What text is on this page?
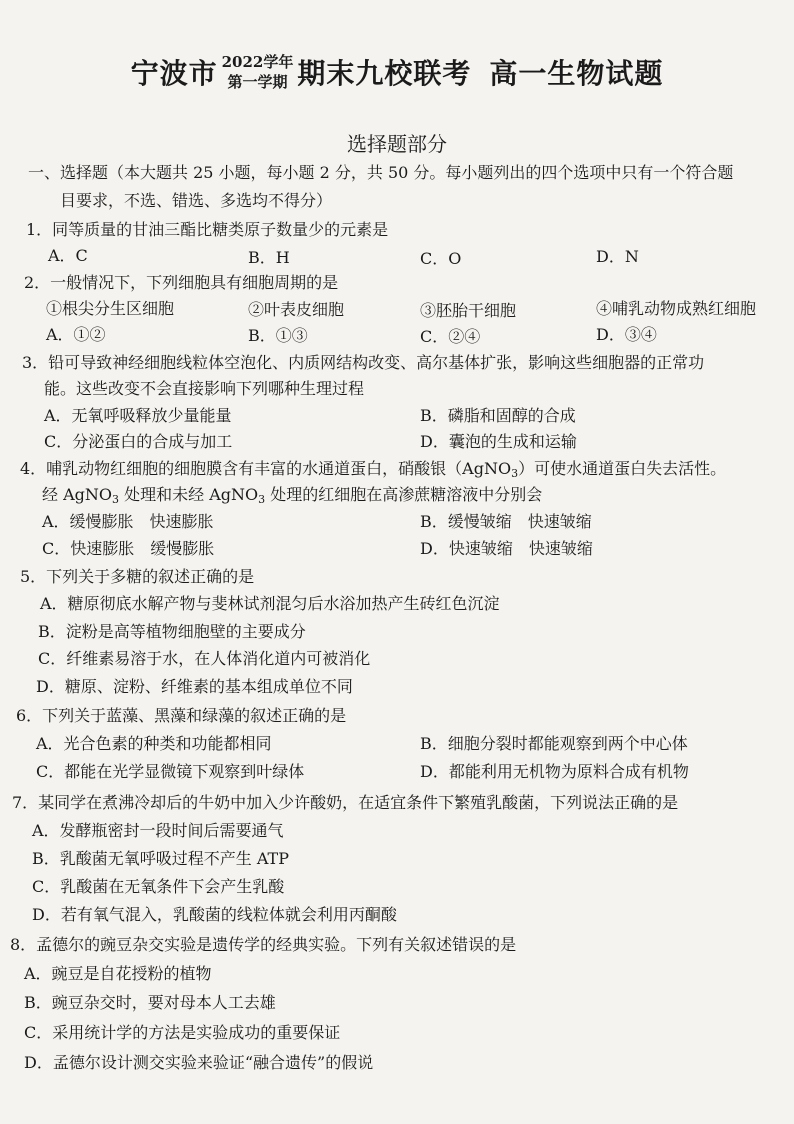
宁波市 2022学年
第一学期 期末九校联考 高一生物试题
选择题部分
一、选择题（本大题共 25 小题，每小题 2 分，共 50 分。每小题列出的四个选项中只有一个符合题
目要求，不选、错选、多选均不得分）
1．同等质量的甘油三酯比糖类原子数量少的元素是
A．C	B．H	C．O	D．N
2．一般情况下，下列细胞具有细胞周期的是
①根尖分生区细胞	②叶表皮细胞	③胚胎干细胞	④哺乳动物成熟红细胞
A．①②	B．①③	C．②④	D．③④
3．铅可导致神经细胞线粒体空泡化、内质网结构改变、高尔基体扩张，影响这些细胞器的正常功
能。这些改变不会直接影响下列哪种生理过程
A．无氧呼吸释放少量能量	B．磷脂和固醇的合成
C．分泌蛋白的合成与加工	D．囊泡的生成和运输
4．哺乳动物红细胞的细胞膜含有丰富的水通道蛋白，硝酸银（AgNO$_3$）可使水通道蛋白失去活性。
经 AgNO$_3$ 处理和未经 AgNO$_3$ 处理的红细胞在高渗蔗糖溶液中分别会
A．缓慢膨胀　快速膨胀	B．缓慢皱缩　快速皱缩
C．快速膨胀　缓慢膨胀	D．快速皱缩　快速皱缩
5．下列关于多糖的叙述正确的是
A．糖原彻底水解产物与斐林试剂混匀后水浴加热产生砖红色沉淀
B．淀粉是高等植物细胞壁的主要成分
C．纤维素易溶于水，在人体消化道内可被消化
D．糖原、淀粉、纤维素的基本组成单位不同
6．下列关于蓝藻、黑藻和绿藻的叙述正确的是
A．光合色素的种类和功能都相同	B．细胞分裂时都能观察到两个中心体
C．都能在光学显微镜下观察到叶绿体	D．都能利用无机物为原料合成有机物
7．某同学在煮沸冷却后的牛奶中加入少许酸奶，在适宜条件下繁殖乳酸菌，下列说法正确的是
A．发酵瓶密封一段时间后需要通气
B．乳酸菌无氧呼吸过程不产生 ATP
C．乳酸菌在无氧条件下会产生乳酸
D．若有氧气混入，乳酸菌的线粒体就会利用丙酮酸
8．孟德尔的豌豆杂交实验是遗传学的经典实验。下列有关叙述错误的是
A．豌豆是自花授粉的植物
B．豌豆杂交时，要对母本人工去雄
C．采用统计学的方法是实验成功的重要保证
D．孟德尔设计测交实验来验证“融合遗传”的假说
